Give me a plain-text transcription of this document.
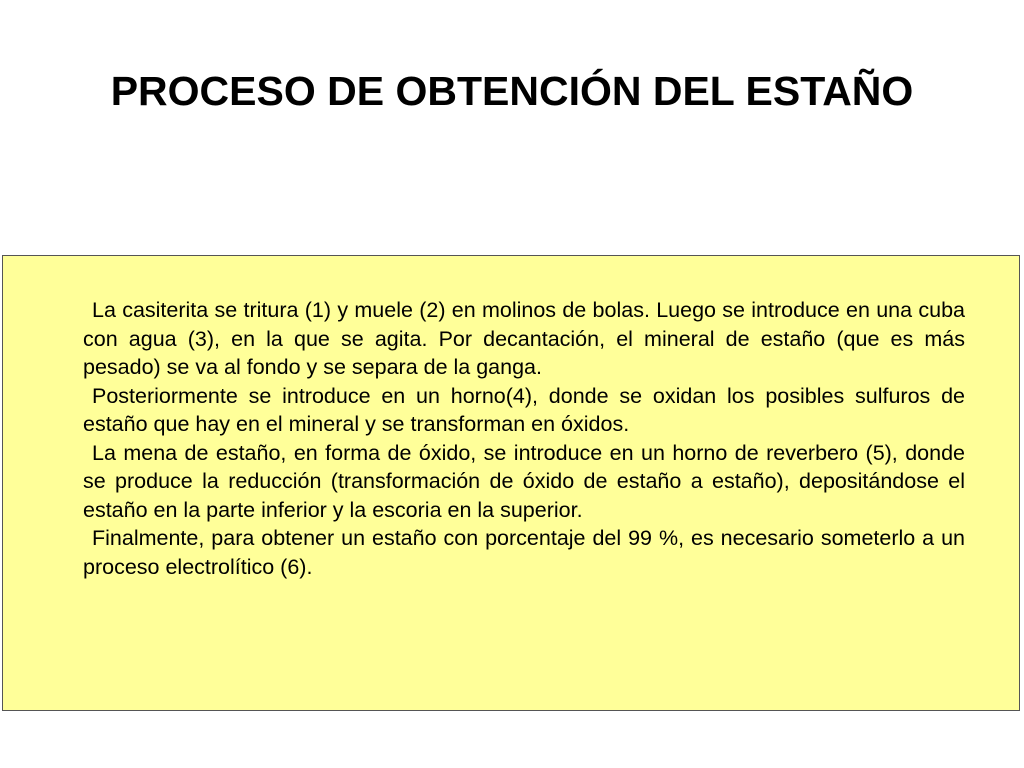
PROCESO DE OBTENCIÓN DEL ESTAÑO

La casiterita se tritura (1) y muele (2) en molinos de bolas. Luego se introduce en una cuba con agua (3), en la que se agita. Por decantación, el mineral de estaño (que es más pesado) se va al fondo y se separa de la ganga.

Posteriormente se introduce en un horno(4), donde se oxidan los posibles sulfuros de estaño que hay en el mineral y se transforman en óxidos.

La mena de estaño, en forma de óxido, se introduce en un horno de reverbero (5), donde se produce la reducción (transformación de óxido de estaño a estaño), depositándose el estaño en la parte inferior y la escoria en la superior.

Finalmente, para obtener un estaño con porcentaje del 99 %, es necesario someterlo a un proceso electrolítico (6).
